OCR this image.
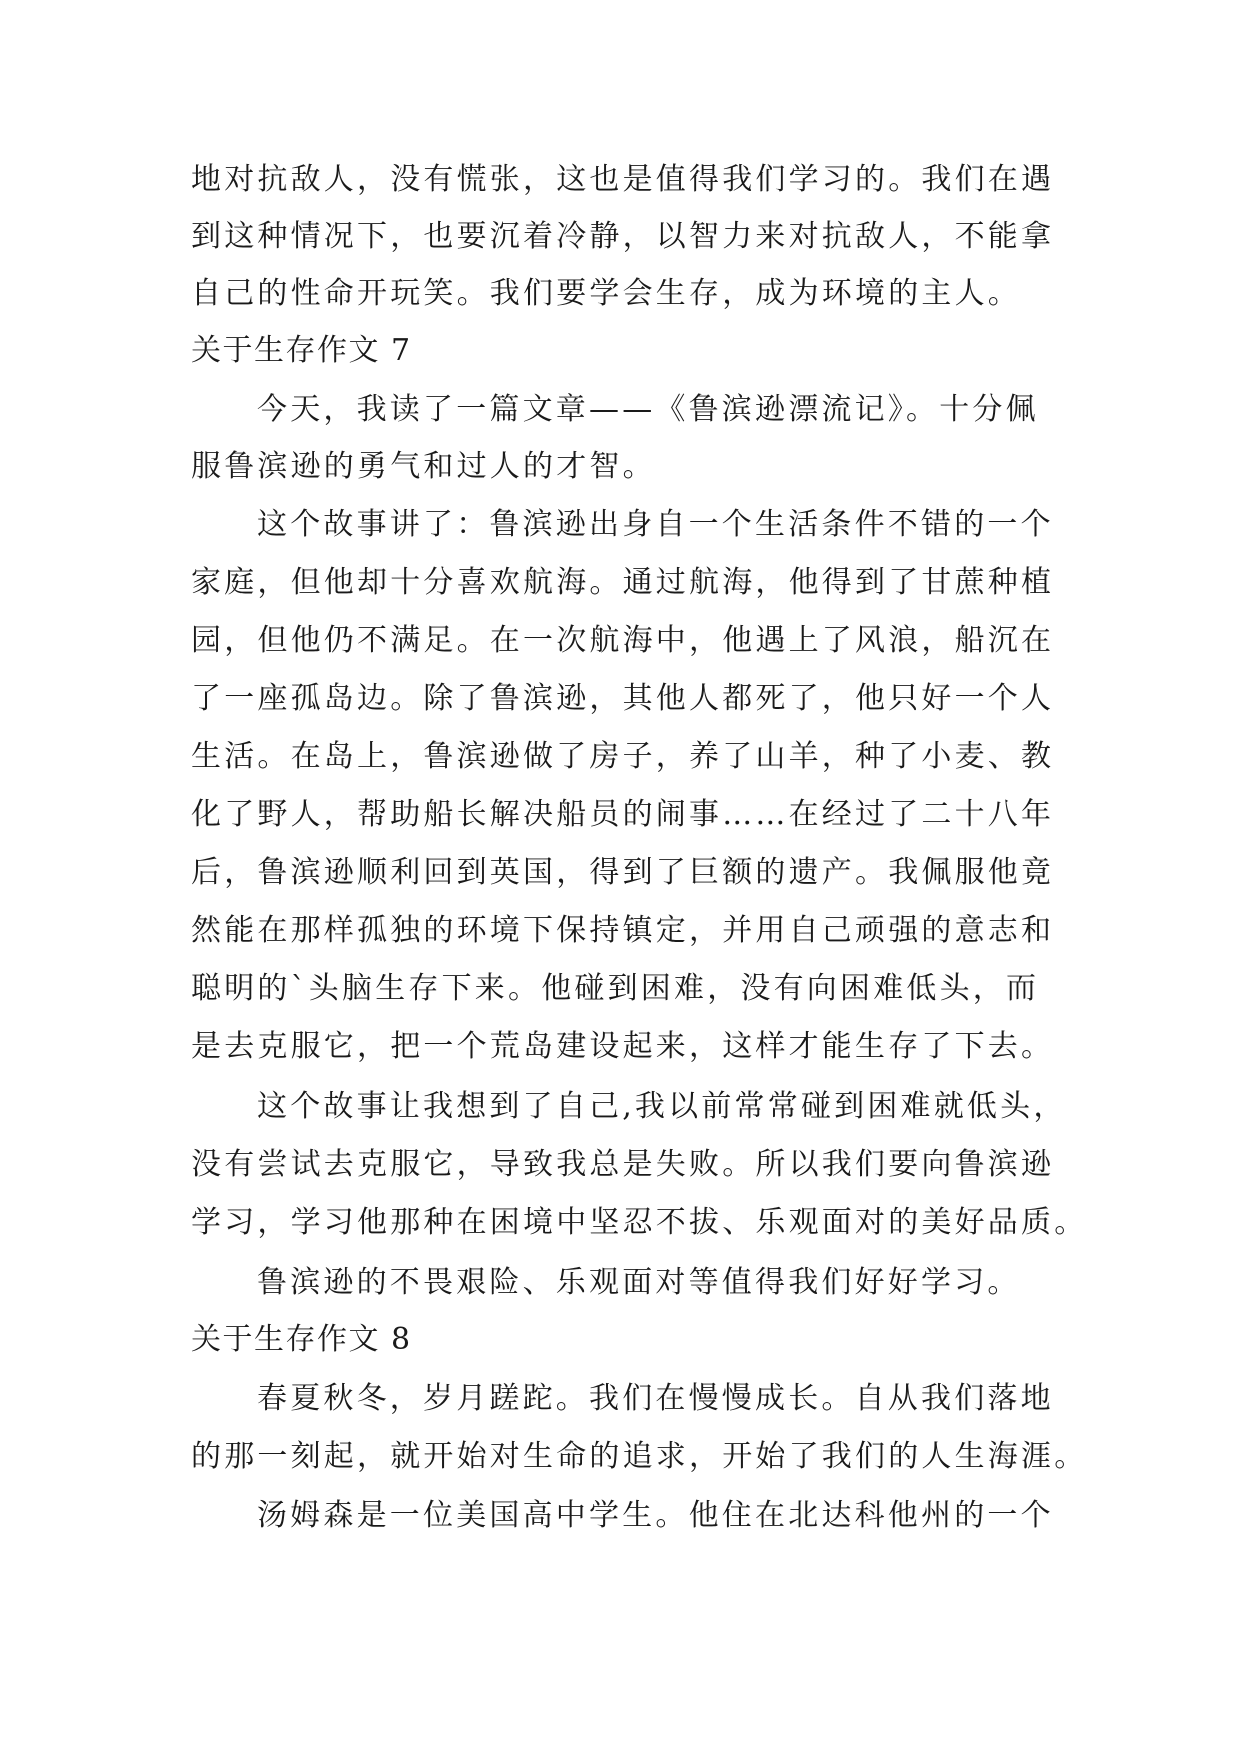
地对抗敌人，没有慌张，这也是值得我们学习的。我们在遇
到这种情况下，也要沉着冷静，以智力来对抗敌人，不能拿
自己的性命开玩笑。我们要学会生存，成为环境的主人。
关于生存作文 7
今天，我读了一篇文章——《鲁滨逊漂流记》。十分佩
服鲁滨逊的勇气和过人的才智。
这个故事讲了：鲁滨逊出身自一个生活条件不错的一个
家庭，但他却十分喜欢航海。通过航海，他得到了甘蔗种植
园，但他仍不满足。在一次航海中，他遇上了风浪，船沉在
了一座孤岛边。除了鲁滨逊，其他人都死了，他只好一个人
生活。在岛上，鲁滨逊做了房子，养了山羊，种了小麦、教
化了野人，帮助船长解决船员的闹事……在经过了二十八年
后，鲁滨逊顺利回到英国，得到了巨额的遗产。我佩服他竟
然能在那样孤独的环境下保持镇定，并用自己顽强的意志和
聪明的`头脑生存下来。他碰到困难，没有向困难低头，而
是去克服它，把一个荒岛建设起来，这样才能生存了下去。
这个故事让我想到了自己,我以前常常碰到困难就低头，
没有尝试去克服它，导致我总是失败。所以我们要向鲁滨逊
学习，学习他那种在困境中坚忍不拔、乐观面对的美好品质。
鲁滨逊的不畏艰险、乐观面对等值得我们好好学习。
关于生存作文 8
春夏秋冬，岁月蹉跎。我们在慢慢成长。自从我们落地
的那一刻起，就开始对生命的追求，开始了我们的人生海涯。
汤姆森是一位美国高中学生。他住在北达科他州的一个
